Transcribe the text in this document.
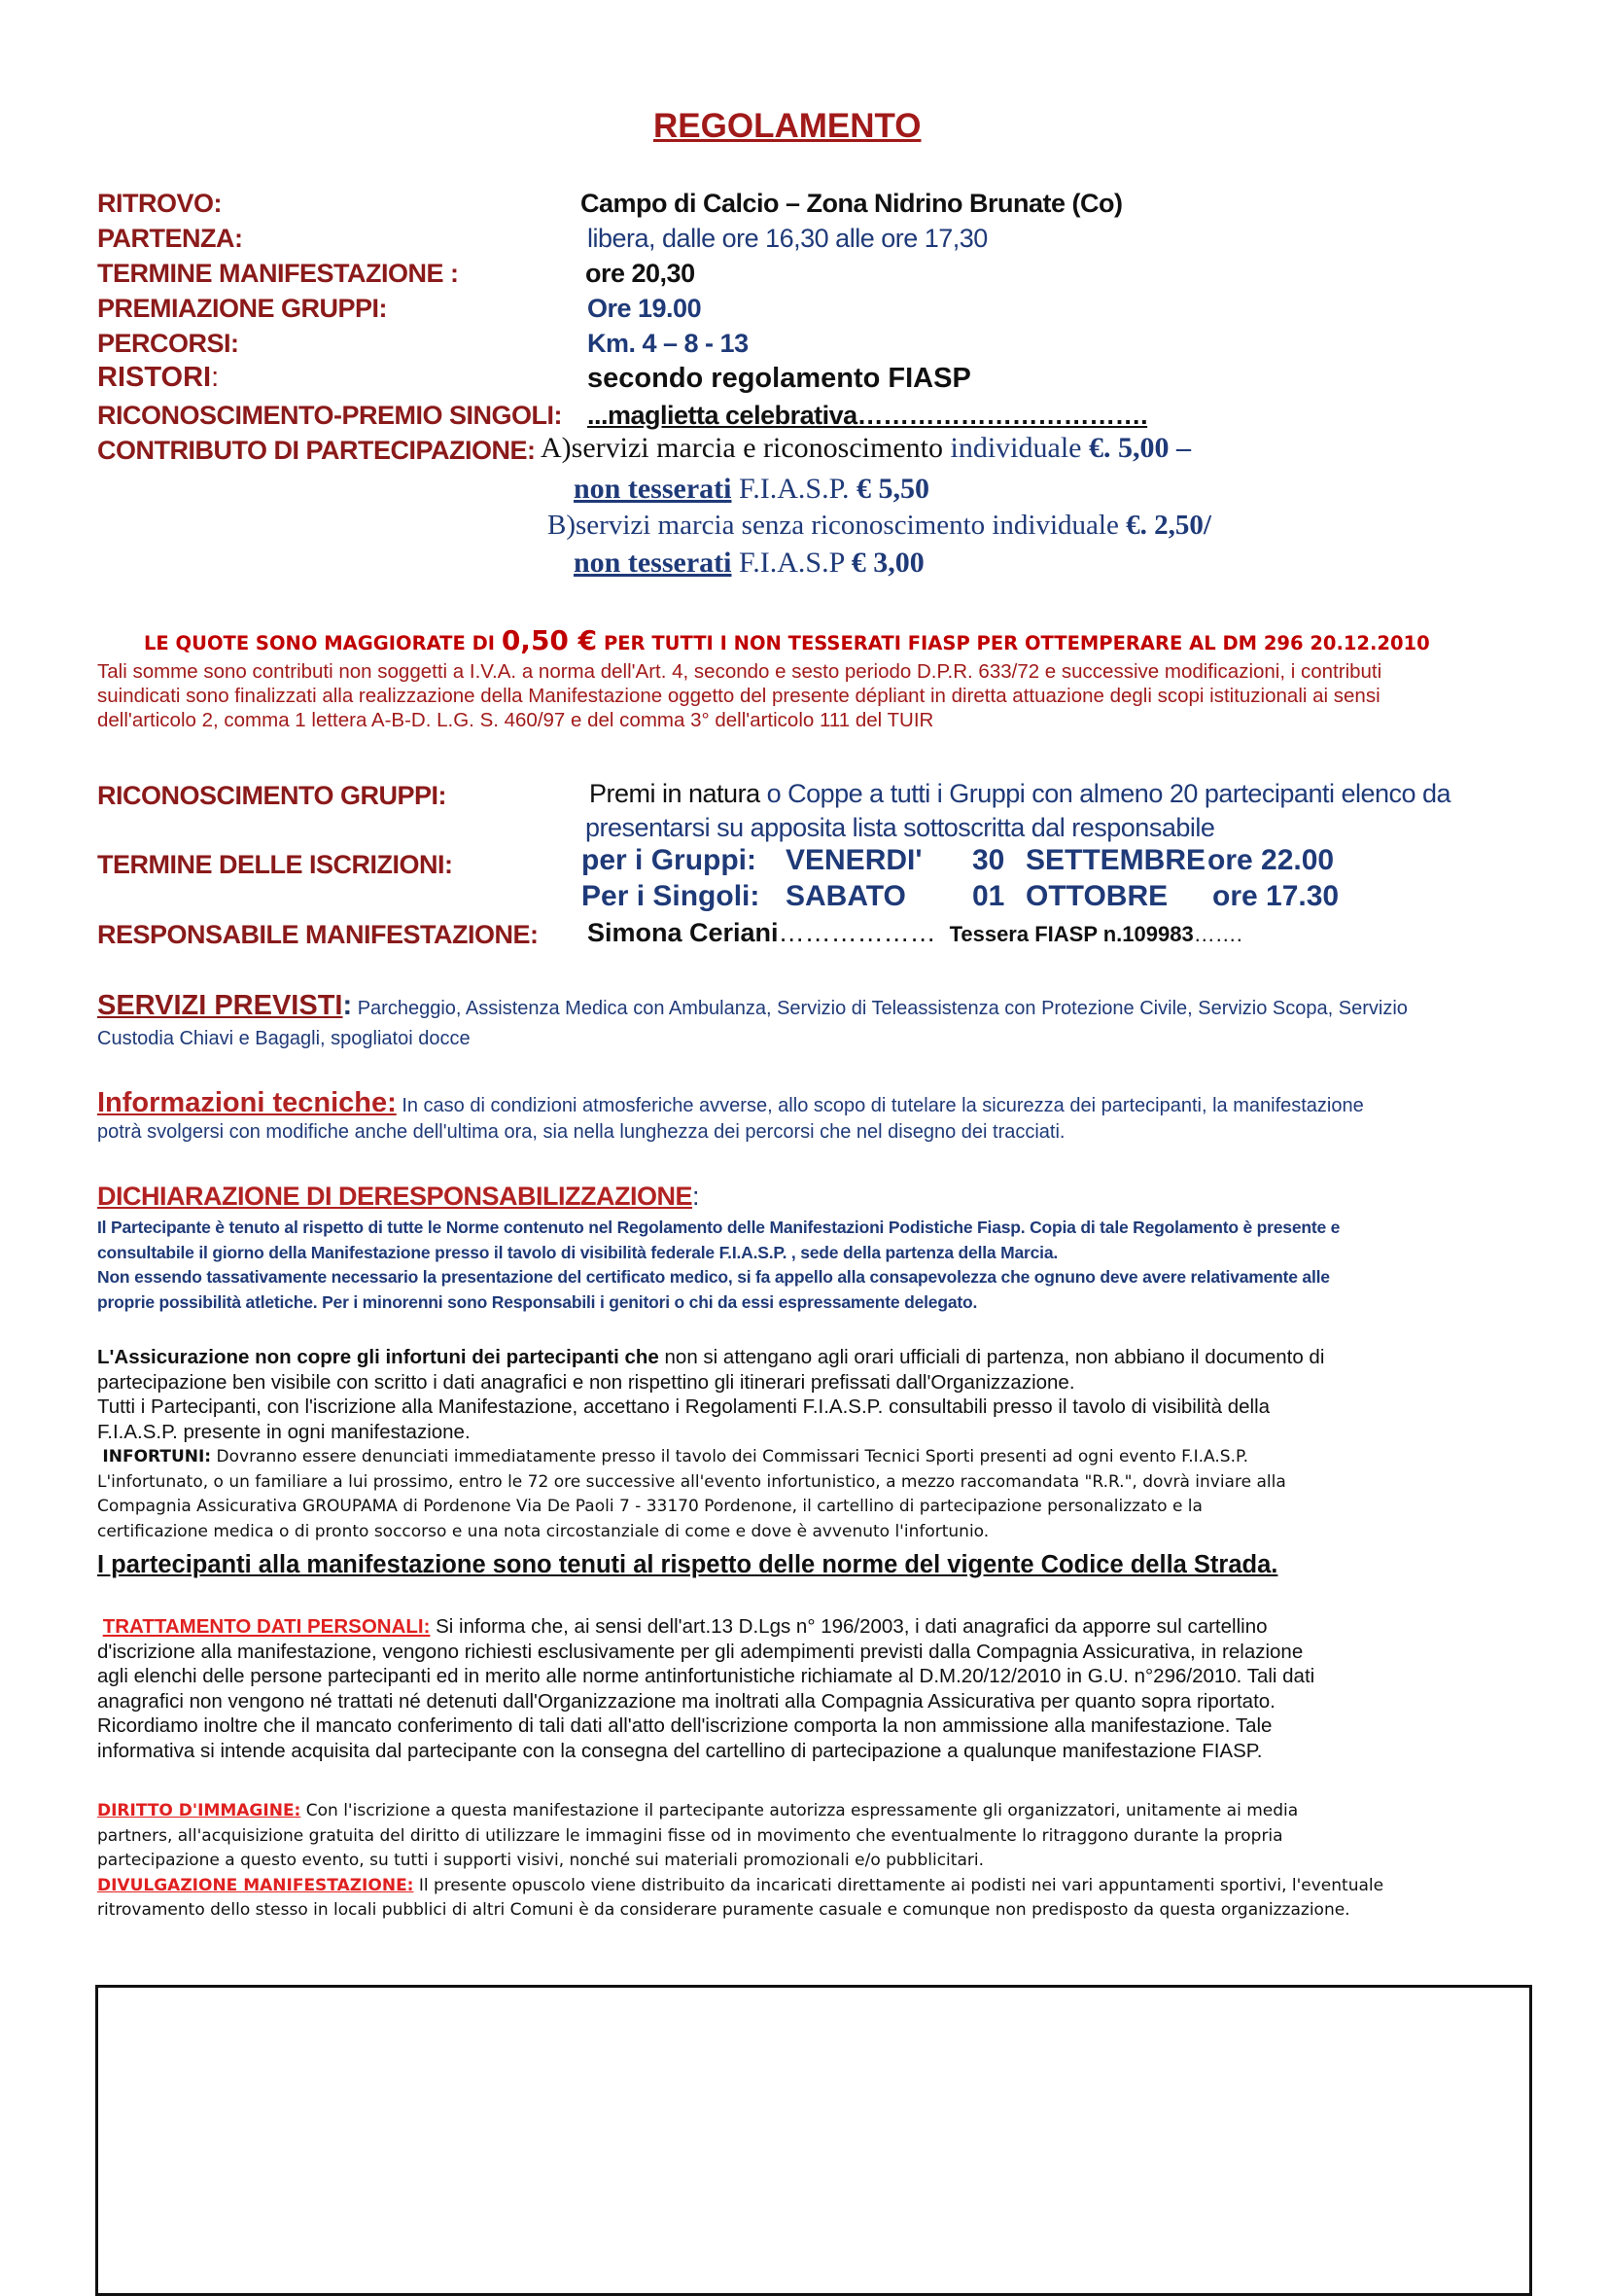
REGOLAMENTO
RITROVO:	Campo di Calcio – Zona Nidrino Brunate (Co)
PARTENZA:	libera, dalle ore 16,30 alle ore 17,30
TERMINE MANIFESTAZIONE :	ore 20,30
PREMIAZIONE GRUPPI:	Ore 19.00
PERCORSI:	Km. 4 – 8 - 13
RISTORI:	secondo regolamento FIASP
RICONOSCIMENTO-PREMIO SINGOLI: ...maglietta celebrativa…………………………….
CONTRIBUTO DI PARTECIPAZIONE: A)servizi marcia e riconoscimento individuale €. 5,00 –
non tesserati F.I.A.S.P. € 5,50
B)servizi marcia senza riconoscimento individuale €. 2,50/
non tesserati F.I.A.S.P € 3,00
LE QUOTE SONO MAGGIORATE DI 0,50 € PER TUTTI I NON TESSERATI FIASP PER OTTEMPERARE AL DM 296 20.12.2010
Tali somme sono contributi non soggetti a I.V.A. a norma dell'Art. 4, secondo e sesto periodo D.P.R. 633/72 e successive modificazioni, i contributi
suindicati sono finalizzati alla realizzazione della Manifestazione oggetto del presente dépliant in diretta attuazione degli scopi istituzionali ai sensi
dell'articolo 2, comma 1 lettera A-B-D. L.G. S. 460/97 e del comma 3° dell'articolo 111 del TUIR
RICONOSCIMENTO GRUPPI:	Premi in natura o Coppe a tutti i Gruppi con almeno 20 partecipanti elenco da
presentarsi su apposita lista sottoscritta dal responsabile
TERMINE DELLE ISCRIZIONI:	per i Gruppi: VENERDI' 30 SETTEMBRE ore 22.00
Per i Singoli: SABATO 01 OTTOBRE ore 17.30
RESPONSABILE MANIFESTAZIONE: Simona Ceriani……………… Tessera FIASP n.109983…….
SERVIZI PREVISTI: Parcheggio, Assistenza Medica con Ambulanza, Servizio di Teleassistenza con Protezione Civile, Servizio Scopa, Servizio
Custodia Chiavi e Bagagli, spogliatoi docce
Informazioni tecniche: In caso di condizioni atmosferiche avverse, allo scopo di tutelare la sicurezza dei partecipanti, la manifestazione
potrà svolgersi con modifiche anche dell'ultima ora, sia nella lunghezza dei percorsi che nel disegno dei tracciati.
DICHIARAZIONE DI DERESPONSABILIZZAZIONE:
Il Partecipante è tenuto al rispetto di tutte le Norme contenuto nel Regolamento delle Manifestazioni Podistiche Fiasp. Copia di tale Regolamento è presente e
consultabile il giorno della Manifestazione presso il tavolo di visibilità federale F.I.A.S.P. , sede della partenza della Marcia.
Non essendo tassativamente necessario la presentazione del certificato medico, si fa appello alla consapevolezza che ognuno deve avere relativamente alle
proprie possibilità atletiche. Per i minorenni sono Responsabili i genitori o chi da essi espressamente delegato.
L'Assicurazione non copre gli infortuni dei partecipanti che non si attengano agli orari ufficiali di partenza, non abbiano il documento di
partecipazione ben visibile con scritto i dati anagrafici e non rispettino gli itinerari prefissati dall'Organizzazione.
Tutti i Partecipanti, con l'iscrizione alla Manifestazione, accettano i Regolamenti F.I.A.S.P. consultabili presso il tavolo di visibilità della
F.I.A.S.P. presente in ogni manifestazione.
INFORTUNI: Dovranno essere denunciati immediatamente presso il tavolo dei Commissari Tecnici Sporti presenti ad ogni evento F.I.A.S.P.
L'infortunato, o un familiare a lui prossimo, entro le 72 ore successive all'evento infortunistico, a mezzo raccomandata "R.R.", dovrà inviare alla
Compagnia Assicurativa GROUPAMA di Pordenone Via De Paoli 7 - 33170 Pordenone, il cartellino di partecipazione personalizzato e la
certificazione medica o di pronto soccorso e una nota circostanziale di come e dove è avvenuto l'infortunio.
I partecipanti alla manifestazione sono tenuti al rispetto delle norme del vigente Codice della Strada.
TRATTAMENTO DATI PERSONALI: Si informa che, ai sensi dell'art.13 D.Lgs n° 196/2003, i dati anagrafici da apporre sul cartellino
d'iscrizione alla manifestazione, vengono richiesti esclusivamente per gli adempimenti previsti dalla Compagnia Assicurativa, in relazione
agli elenchi delle persone partecipanti ed in merito alle norme antinfortunistiche richiamate al D.M.20/12/2010 in G.U. n°296/2010. Tali dati
anagrafici non vengono né trattati né detenuti dall'Organizzazione ma inoltrati alla Compagnia Assicurativa per quanto sopra riportato.
Ricordiamo inoltre che il mancato conferimento di tali dati all'atto dell'iscrizione comporta la non ammissione alla manifestazione. Tale
informativa si intende acquisita dal partecipante con la consegna del cartellino di partecipazione a qualunque manifestazione FIASP.
DIRITTO D'IMMAGINE: Con l'iscrizione a questa manifestazione il partecipante autorizza espressamente gli organizzatori, unitamente ai media
partners, all'acquisizione gratuita del diritto di utilizzare le immagini fisse od in movimento che eventualmente lo ritraggono durante la propria
partecipazione a questo evento, su tutti i supporti visivi, nonché sui materiali promozionali e/o pubblicitari.
DIVULGAZIONE MANIFESTAZIONE: Il presente opuscolo viene distribuito da incaricati direttamente ai podisti nei vari appuntamenti sportivi, l'eventuale
ritrovamento dello stesso in locali pubblici di altri Comuni è da considerare puramente casuale e comunque non predisposto da questa organizzazione.
